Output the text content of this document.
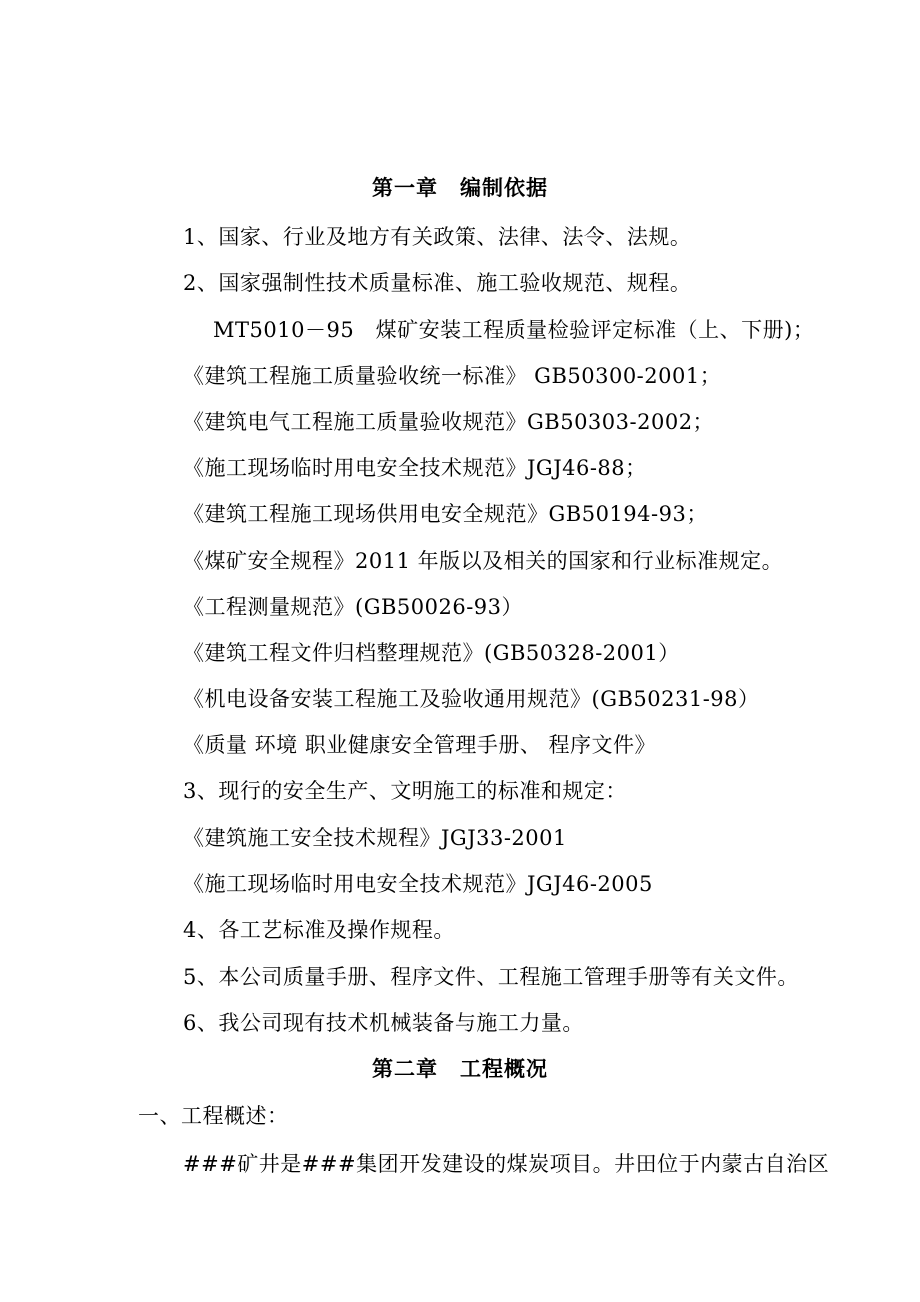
第一章　编制依据
1、国家、行业及地方有关政策、法律、法令、法规。
2、国家强制性技术质量标准、施工验收规范、规程。
MT5010－95　煤矿安装工程质量检验评定标准（上、下册)；
《建筑工程施工质量验收统一标准》 GB50300-2001；
《建筑电气工程施工质量验收规范》GB50303-2002；
《施工现场临时用电安全技术规范》JGJ46-88；
《建筑工程施工现场供用电安全规范》GB50194-93；
《煤矿安全规程》2011 年版以及相关的国家和行业标准规定。
《工程测量规范》(GB50026-93）
《建筑工程文件归档整理规范》(GB50328-2001）
《机电设备安装工程施工及验收通用规范》(GB50231-98）
《质量 环境 职业健康安全管理手册、 程序文件》
3、现行的安全生产、文明施工的标准和规定：
《建筑施工安全技术规程》JGJ33-2001
《施工现场临时用电安全技术规范》JGJ46-2005
4、各工艺标准及操作规程。
5、本公司质量手册、程序文件、工程施工管理手册等有关文件。
6、我公司现有技术机械装备与施工力量。
第二章　工程概况
一、工程概述：
###矿井是###集团开发建设的煤炭项目。井田位于内蒙古自治区
